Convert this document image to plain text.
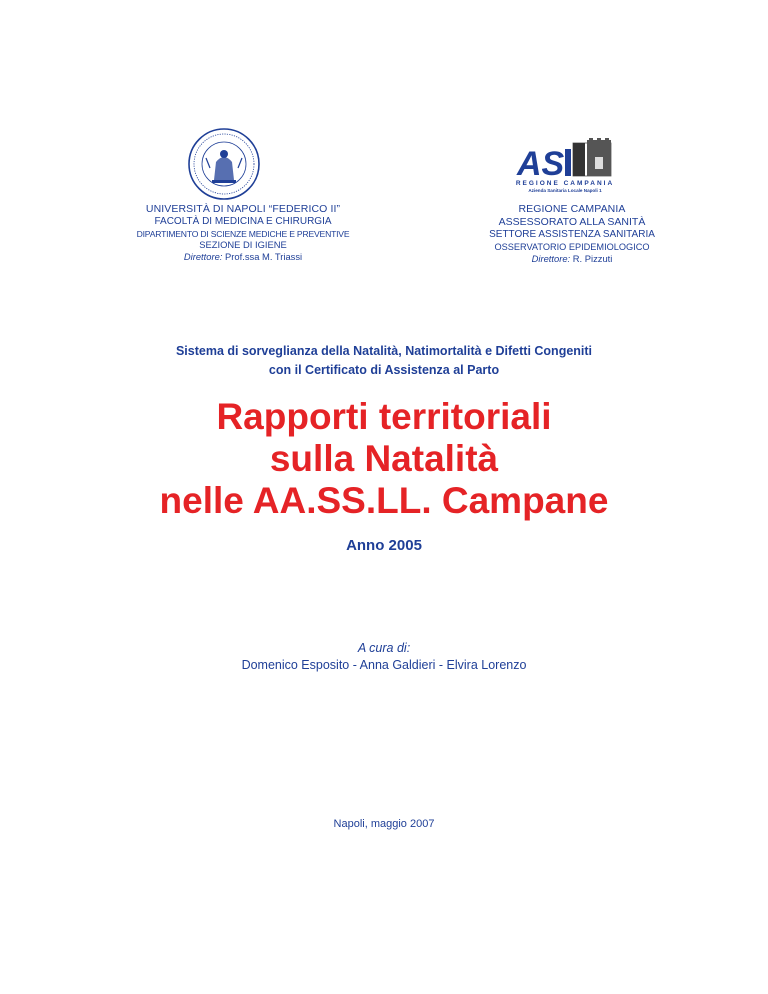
AS
REGIONE CAMPANIA
Azienda Sanitaria Locale Napoli 1
UNIVERSITÀ DI NAPOLI “FEDERICO II”
FACOLTÀ DI MEDICINA E CHIRURGIA
DIPARTIMENTO DI SCIENZE MEDICHE E PREVENTIVE
SEZIONE DI IGIENE
Direttore: Prof.ssa M. Triassi
REGIONE CAMPANIA
ASSESSORATO ALLA SANITÀ
SETTORE ASSISTENZA SANITARIA
OSSERVATORIO EPIDEMIOLOGICO
Direttore: R. Pizzuti
Sistema di sorveglianza della Natalità, Natimortalità e Difetti Congeniti
con il Certificato di Assistenza al Parto
Rapporti territoriali
sulla Natalità
nelle AA.SS.LL. Campane
Anno 2005
A cura di:
Domenico Esposito - Anna Galdieri - Elvira Lorenzo
Napoli, maggio 2007
